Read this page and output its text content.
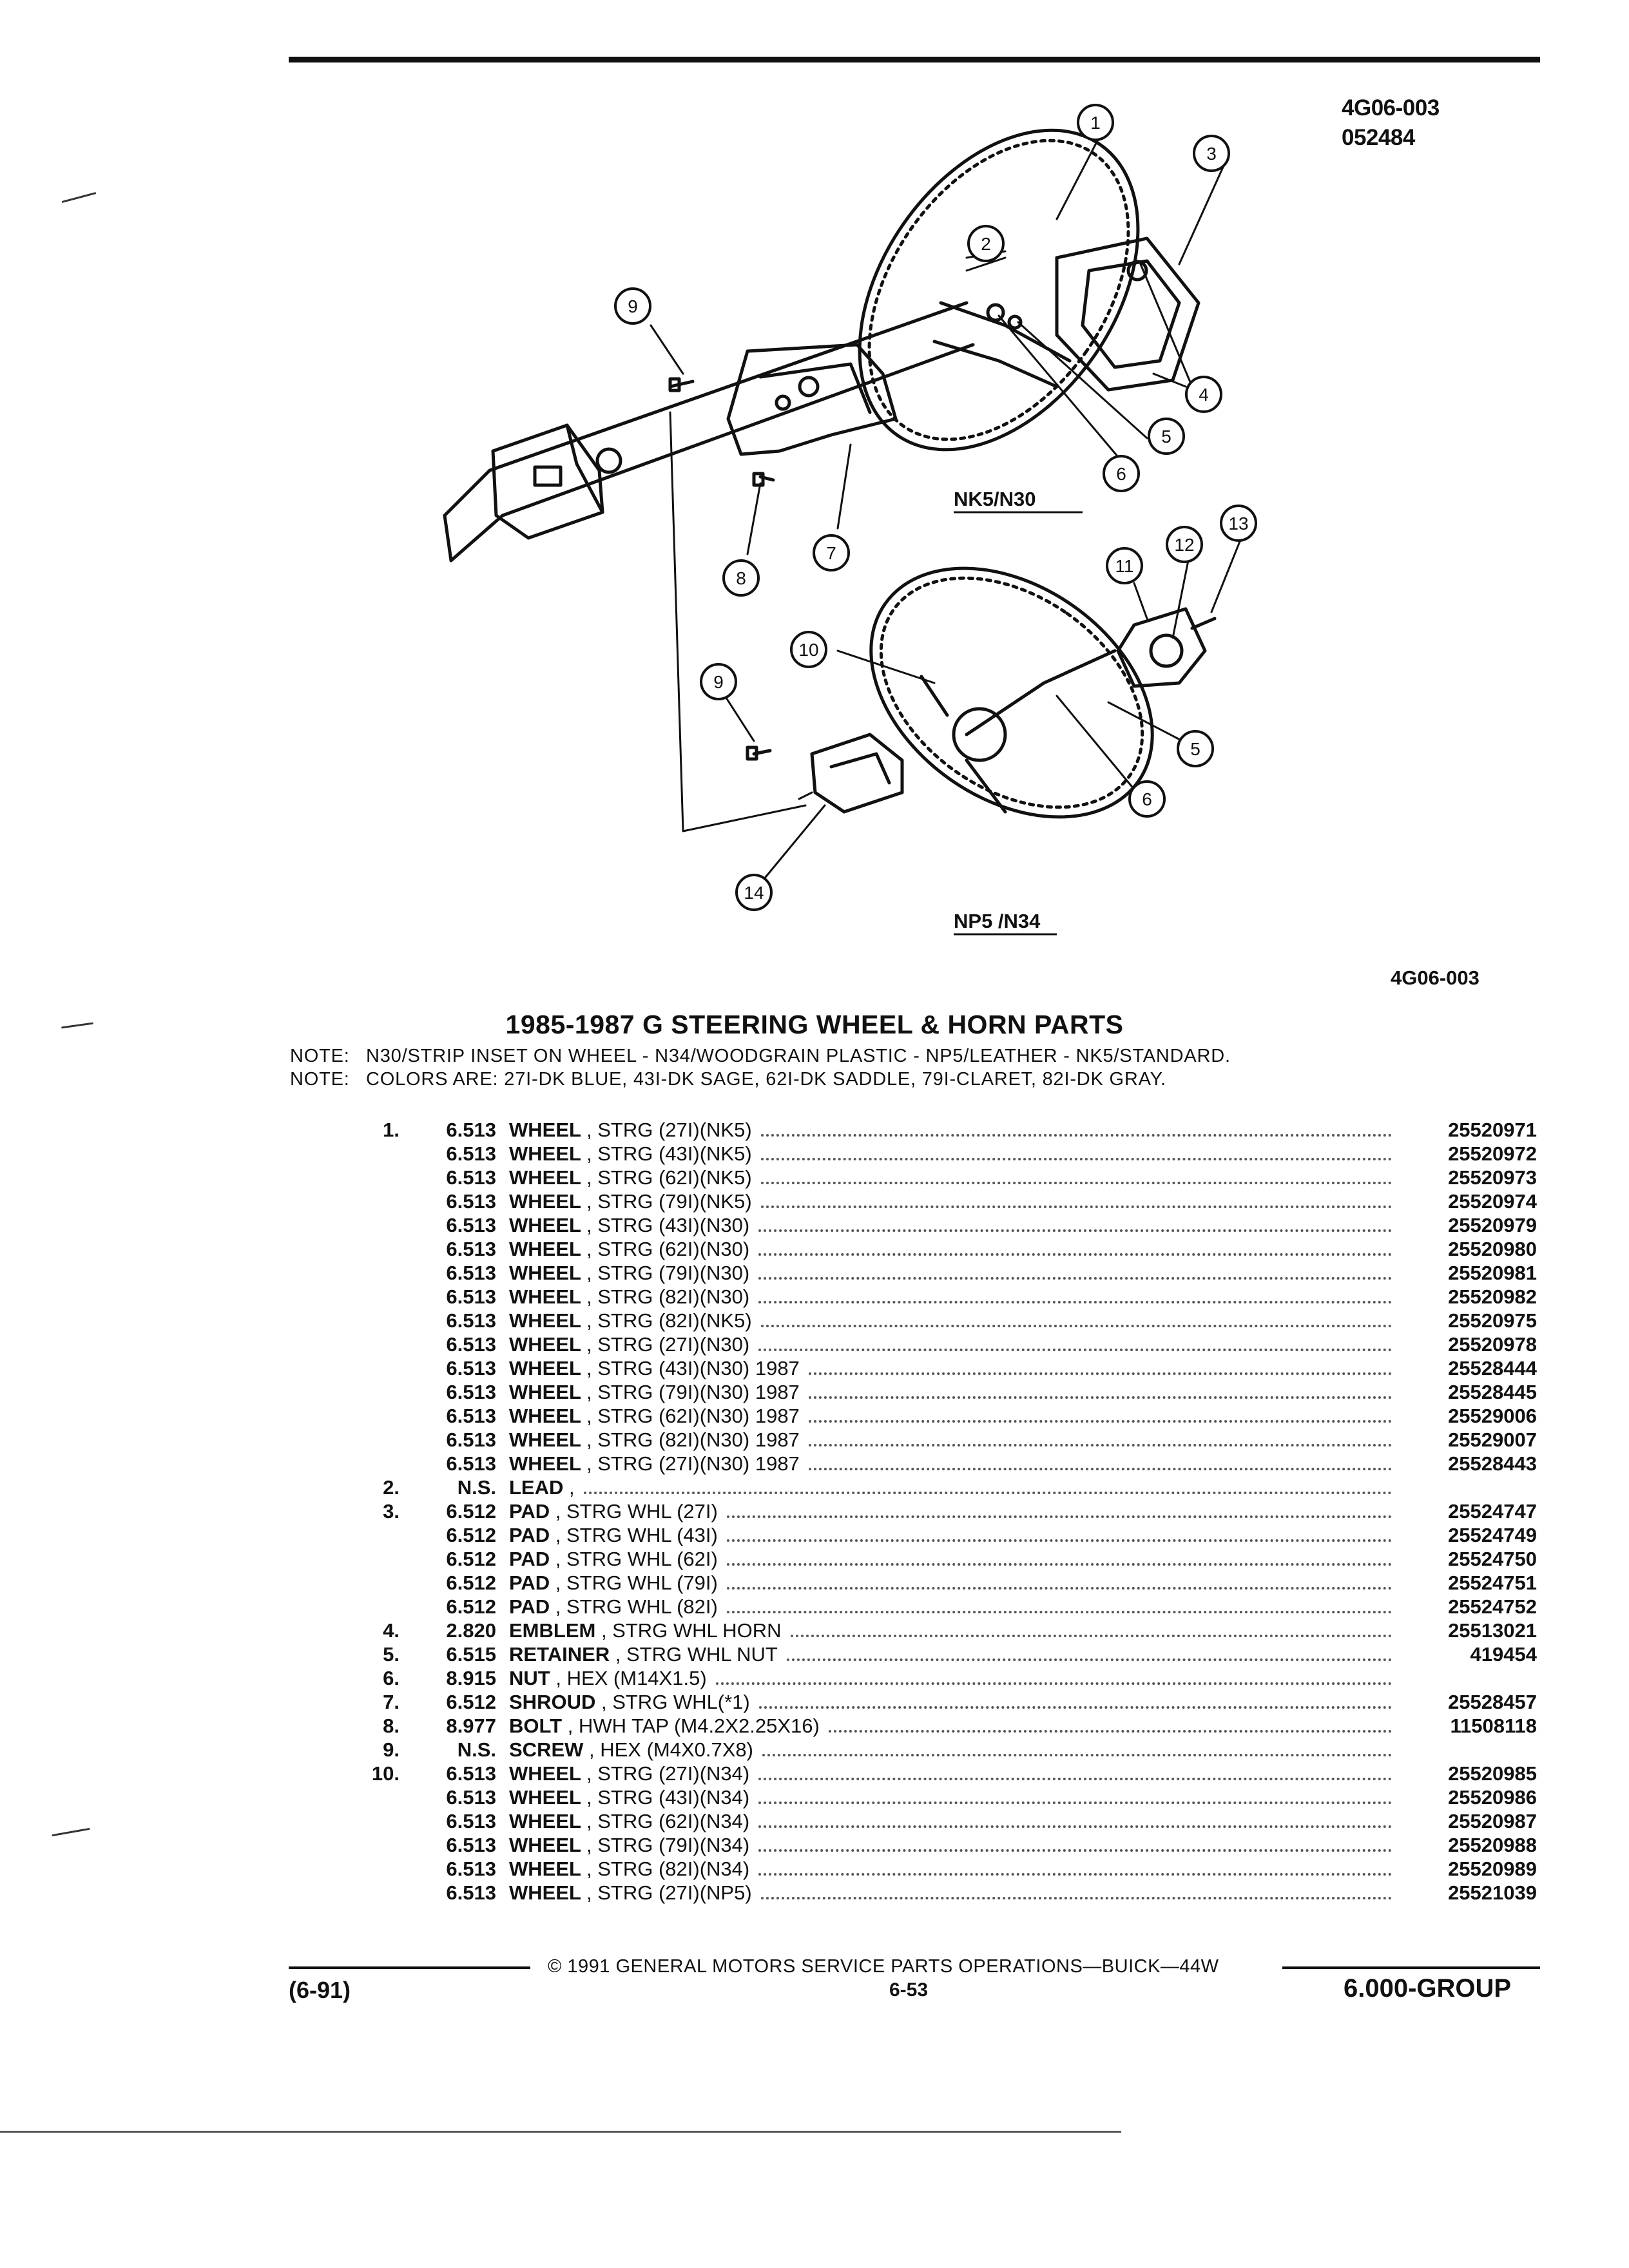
4G06-003
052484
1
2
3
4
5
6
7
8
9
9
10
11
12
13
5
6
14
NK5/N30
NP5 /N34
4G06-003
1985-1987 G STEERING WHEEL & HORN PARTS
NOTE: N30/STRIP INSET ON WHEEL - N34/WOODGRAIN PLASTIC - NP5/LEATHER - NK5/STANDARD.
NOTE: COLORS ARE: 27I-DK BLUE, 43I-DK SAGE, 62I-DK SADDLE, 79I-CLARET, 82I-DK GRAY.
1.	6.513 WHEEL , STRG (27I)(NK5)	25520971
6.513 WHEEL , STRG (43I)(NK5)	25520972
6.513 WHEEL , STRG (62I)(NK5)	25520973
6.513 WHEEL , STRG (79I)(NK5)	25520974
6.513 WHEEL , STRG (43I)(N30)	25520979
6.513 WHEEL , STRG (62I)(N30)	25520980
6.513 WHEEL , STRG (79I)(N30)	25520981
6.513 WHEEL , STRG (82I)(N30)	25520982
6.513 WHEEL , STRG (82I)(NK5)	25520975
6.513 WHEEL , STRG (27I)(N30)	25520978
6.513 WHEEL , STRG (43I)(N30) 1987	25528444
6.513 WHEEL , STRG (79I)(N30) 1987	25528445
6.513 WHEEL , STRG (62I)(N30) 1987	25529006
6.513 WHEEL , STRG (82I)(N30) 1987	25529007
6.513 WHEEL , STRG (27I)(N30) 1987	25528443
2.	N.S. LEAD ,
3.	6.512 PAD , STRG WHL (27I)	25524747
6.512 PAD , STRG WHL (43I)	25524749
6.512 PAD , STRG WHL (62I)	25524750
6.512 PAD , STRG WHL (79I)	25524751
6.512 PAD , STRG WHL (82I)	25524752
4.	2.820 EMBLEM , STRG WHL HORN	25513021
5.	6.515 RETAINER , STRG WHL NUT	419454
6.	8.915 NUT , HEX (M14X1.5)
7.	6.512 SHROUD , STRG WHL(*1)	25528457
8.	8.977 BOLT , HWH TAP (M4.2X2.25X16)	11508118
9.	N.S. SCREW , HEX (M4X0.7X8)
10.	6.513 WHEEL , STRG (27I)(N34)	25520985
6.513 WHEEL , STRG (43I)(N34)	25520986
6.513 WHEEL , STRG (62I)(N34)	25520987
6.513 WHEEL , STRG (79I)(N34)	25520988
6.513 WHEEL , STRG (82I)(N34)	25520989
6.513 WHEEL , STRG (27I)(NP5)	25521039
© 1991 GENERAL MOTORS SERVICE PARTS OPERATIONS—BUICK—44W
(6-91)	6-53	6.000-GROUP
